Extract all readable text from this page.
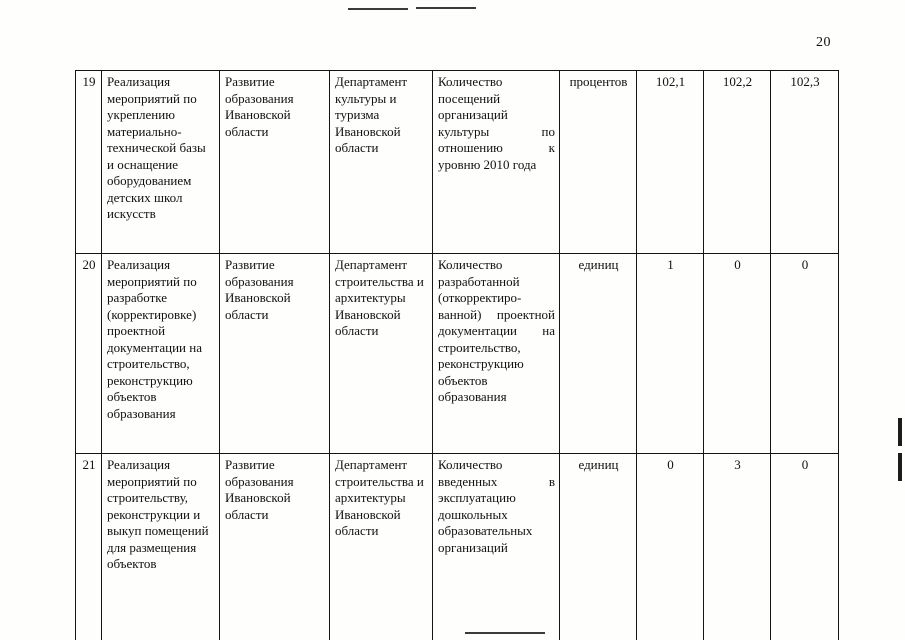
20
19	Реализация мероприятий по укреплению материально-технической базы и оснащение оборудованием детских школ искусств	Развитие образования Ивановской области	Департамент культуры и туризма Ивановской области	Количество посещений организаций культуры по отношению к уровню 2010 года	процентов	102,1	102,2	102,3
20	Реализация мероприятий по разработке (корректировке) проектной документации на строительство, реконструкцию объектов образования	Развитие образования Ивановской области	Департамент строительства и архитектуры Ивановской области	Количество разработанной (откорректиро-ванной) проектной документации на строительство, реконструкцию объектов образования	единиц	1	0	0
21	Реализация мероприятий по строительству, реконструкции и выкуп помещений для размещения объектов	Развитие образования Ивановской области	Департамент строительства и архитектуры Ивановской области	Количество введенных в эксплуатацию дошкольных образовательных организаций	единиц	0	3	0
